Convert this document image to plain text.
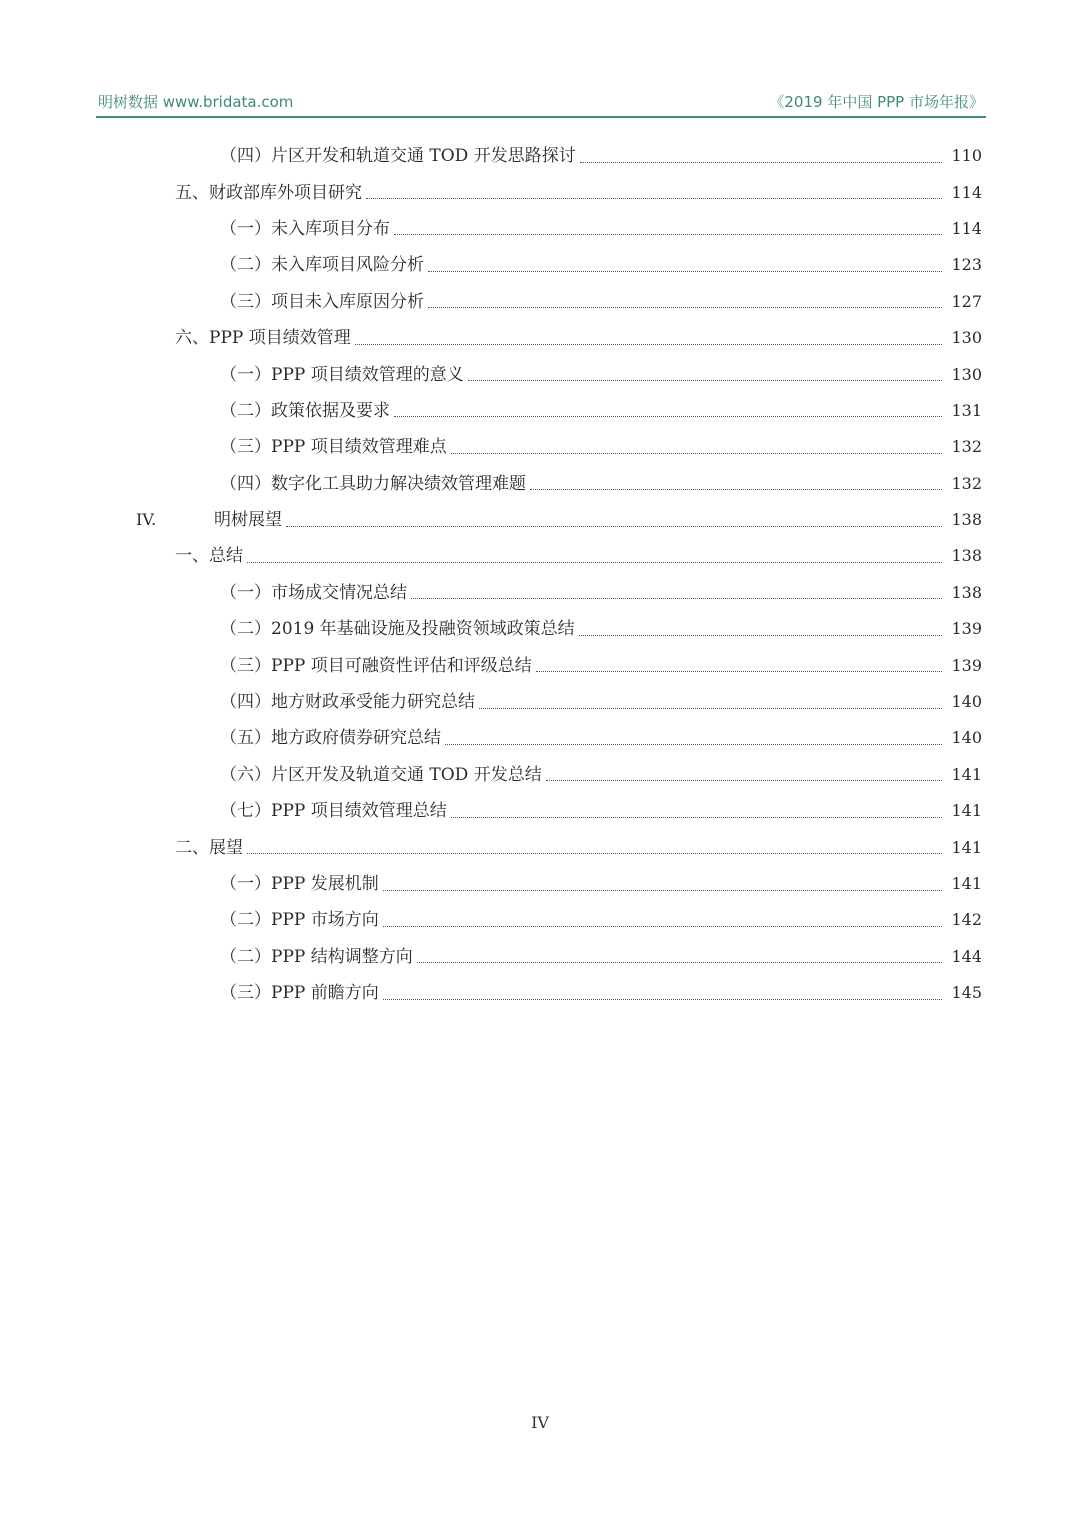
明树数据 www.bridata.com	《2019 年中国 PPP 市场年报》
（四）片区开发和轨道交通 TOD 开发思路探讨	110
五、财政部库外项目研究	114
（一）未入库项目分布	114
（二）未入库项目风险分析	123
（三）项目未入库原因分析	127
六、PPP 项目绩效管理	130
（一）PPP 项目绩效管理的意义	130
（二）政策依据及要求	131
（三）PPP 项目绩效管理难点	132
（四）数字化工具助力解决绩效管理难题	132
IV.	明树展望	138
一、总结	138
（一）市场成交情况总结	138
（二）2019 年基础设施及投融资领域政策总结	139
（三）PPP 项目可融资性评估和评级总结	139
（四）地方财政承受能力研究总结	140
（五）地方政府债券研究总结	140
（六）片区开发及轨道交通 TOD 开发总结	141
（七）PPP 项目绩效管理总结	141
二、展望	141
（一）PPP 发展机制	141
（二）PPP 市场方向	142
（二）PPP 结构调整方向	144
（三）PPP 前瞻方向	145
IV
